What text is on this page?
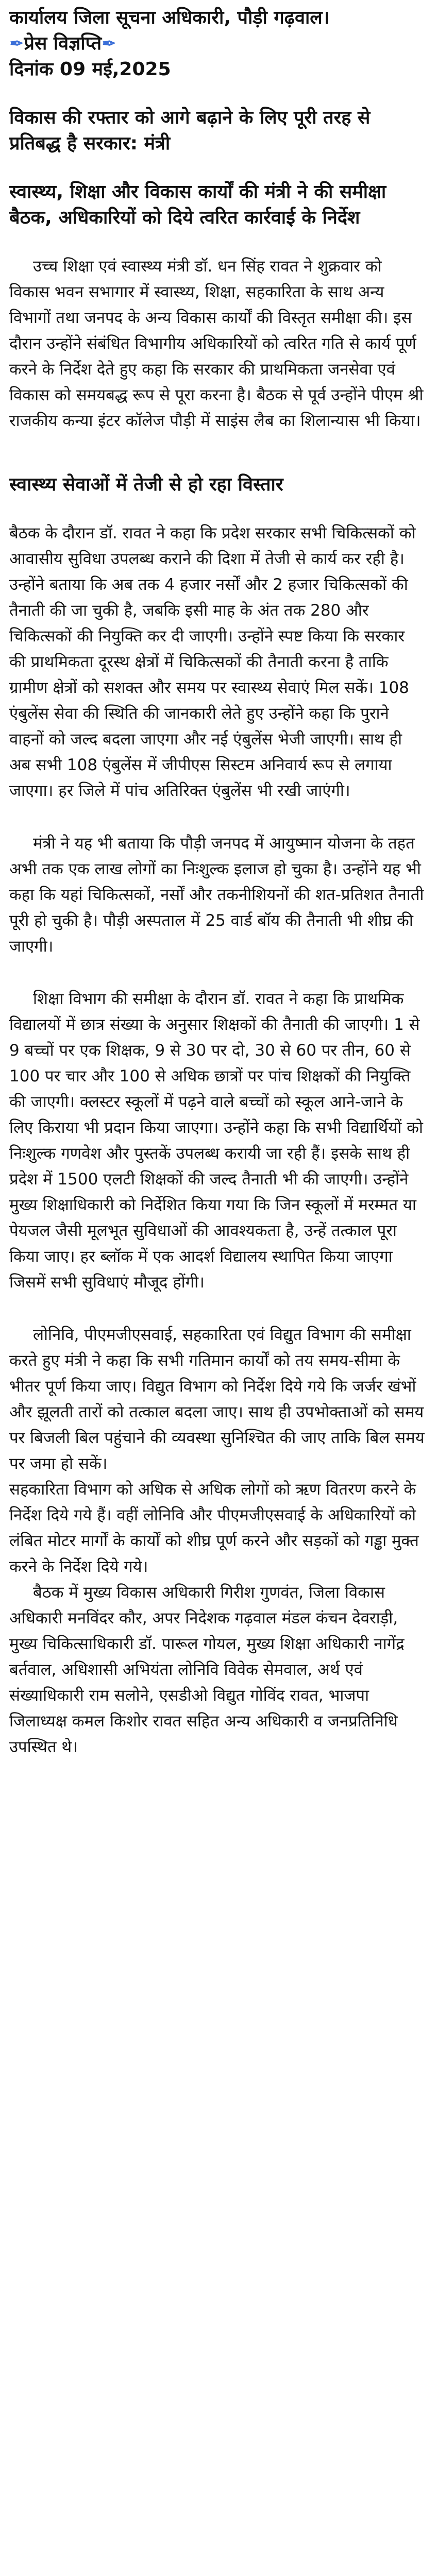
कार्यालय जिला सूचना अधिकारी, पौड़ी गढ़वाल।

✒प्रेस विज्ञप्ति✒

दिनांक 09 मई,2025

विकास की रफ्तार को आगे बढ़ाने के लिए पूरी तरह से प्रतिबद्ध है सरकार: मंत्री

स्वास्थ्य, शिक्षा और विकास कार्यों की मंत्री ने की समीक्षा बैठक, अधिकारियों को दिये त्वरित कार्रवाई के निर्देश

उच्च शिक्षा एवं स्वास्थ्य मंत्री डॉ. धन सिंह रावत ने शुक्रवार को विकास भवन सभागार में स्वास्थ्य, शिक्षा, सहकारिता के साथ अन्य विभागों तथा जनपद के अन्य विकास कार्यों की विस्तृत समीक्षा की। इस दौरान उन्होंने संबंधित विभागीय अधिकारियों को त्वरित गति से कार्य पूर्ण करने के निर्देश देते हुए कहा कि सरकार की प्राथमिकता जनसेवा एवं विकास को समयबद्ध रूप से पूरा करना है। बैठक से पूर्व उन्होंने पीएम श्री राजकीय कन्या इंटर कॉलेज पौड़ी में साइंस लैब का शिलान्यास भी किया।

स्वास्थ्य सेवाओं में तेजी से हो रहा विस्तार

बैठक के दौरान डॉ. रावत ने कहा कि प्रदेश सरकार सभी चिकित्सकों को आवासीय सुविधा उपलब्ध कराने की दिशा में तेजी से कार्य कर रही है। उन्होंने बताया कि अब तक 4 हजार नर्सों और 2 हजार चिकित्सकों की तैनाती की जा चुकी है, जबकि इसी माह के अंत तक 280 और चिकित्सकों की नियुक्ति कर दी जाएगी। उन्होंने स्पष्ट किया कि सरकार की प्राथमिकता दूरस्थ क्षेत्रों में चिकित्सकों की तैनाती करना है ताकि ग्रामीण क्षेत्रों को सशक्त और समय पर स्वास्थ्य सेवाएं मिल सकें। 108 एंबुलेंस सेवा की स्थिति की जानकारी लेते हुए उन्होंने कहा कि पुराने वाहनों को जल्द बदला जाएगा और नई एंबुलेंस भेजी जाएगी। साथ ही अब सभी 108 एंबुलेंस में जीपीएस सिस्टम अनिवार्य रूप से लगाया जाएगा। हर जिले में पांच अतिरिक्त एंबुलेंस भी रखी जाएंगी।

मंत्री ने यह भी बताया कि पौड़ी जनपद में आयुष्मान योजना के तहत अभी तक एक लाख लोगों का निःशुल्क इलाज हो चुका है। उन्होंने यह भी कहा कि यहां चिकित्सकों, नर्सों और तकनीशियनों की शत-प्रतिशत तैनाती पूरी हो चुकी है। पौड़ी अस्पताल में 25 वार्ड बॉय की तैनाती भी शीघ्र की जाएगी।

शिक्षा विभाग की समीक्षा के दौरान डॉ. रावत ने कहा कि प्राथमिक विद्यालयों में छात्र संख्या के अनुसार शिक्षकों की तैनाती की जाएगी। 1 से 9 बच्चों पर एक शिक्षक, 9 से 30 पर दो, 30 से 60 पर तीन, 60 से 100 पर चार और 100 से अधिक छात्रों पर पांच शिक्षकों की नियुक्ति की जाएगी। क्लस्टर स्कूलों में पढ़ने वाले बच्चों को स्कूल आने-जाने के लिए किराया भी प्रदान किया जाएगा। उन्होंने कहा कि सभी विद्यार्थियों को निःशुल्क गणवेश और पुस्तकें उपलब्ध करायी जा रही हैं। इसके साथ ही प्रदेश में 1500 एलटी शिक्षकों की जल्द तैनाती भी की जाएगी। उन्होंने मुख्य शिक्षाधिकारी को निर्देशित किया गया कि जिन स्कूलों में मरम्मत या पेयजल जैसी मूलभूत सुविधाओं की आवश्यकता है, उन्हें तत्काल पूरा किया जाए। हर ब्लॉक में एक आदर्श विद्यालय स्थापित किया जाएगा जिसमें सभी सुविधाएं मौजूद होंगी।

लोनिवि, पीएमजीएसवाई, सहकारिता एवं विद्युत विभाग की समीक्षा करते हुए मंत्री ने कहा कि सभी गतिमान कार्यों को तय समय-सीमा के भीतर पूर्ण किया जाए। विद्युत विभाग को निर्देश दिये गये कि जर्जर खंभों और झूलती तारों को तत्काल बदला जाए। साथ ही उपभोक्ताओं को समय पर बिजली बिल पहुंचाने की व्यवस्था सुनिश्चित की जाए ताकि बिल समय पर जमा हो सकें।

सहकारिता विभाग को अधिक से अधिक लोगों को ऋण वितरण करने के निर्देश दिये गये हैं। वहीं लोनिवि और पीएमजीएसवाई के अधिकारियों को लंबित मोटर मार्गों के कार्यों को शीघ्र पूर्ण करने और सड़कों को गड्ढा मुक्त करने के निर्देश दिये गये।

बैठक में मुख्य विकास अधिकारी गिरीश गुणवंत, जिला विकास अधिकारी मनविंदर कौर, अपर निदेशक गढ़वाल मंडल कंचन देवराड़ी, मुख्य चिकित्साधिकारी डॉ. पारूल गोयल, मुख्य शिक्षा अधिकारी नागेंद्र बर्तवाल, अधिशासी अभियंता लोनिवि विवेक सेमवाल, अर्थ एवं संख्याधिकारी राम सलोने, एसडीओ विद्युत गोविंद रावत, भाजपा जिलाध्यक्ष कमल किशोर रावत सहित अन्य अधिकारी व जनप्रतिनिधि उपस्थित थे।
